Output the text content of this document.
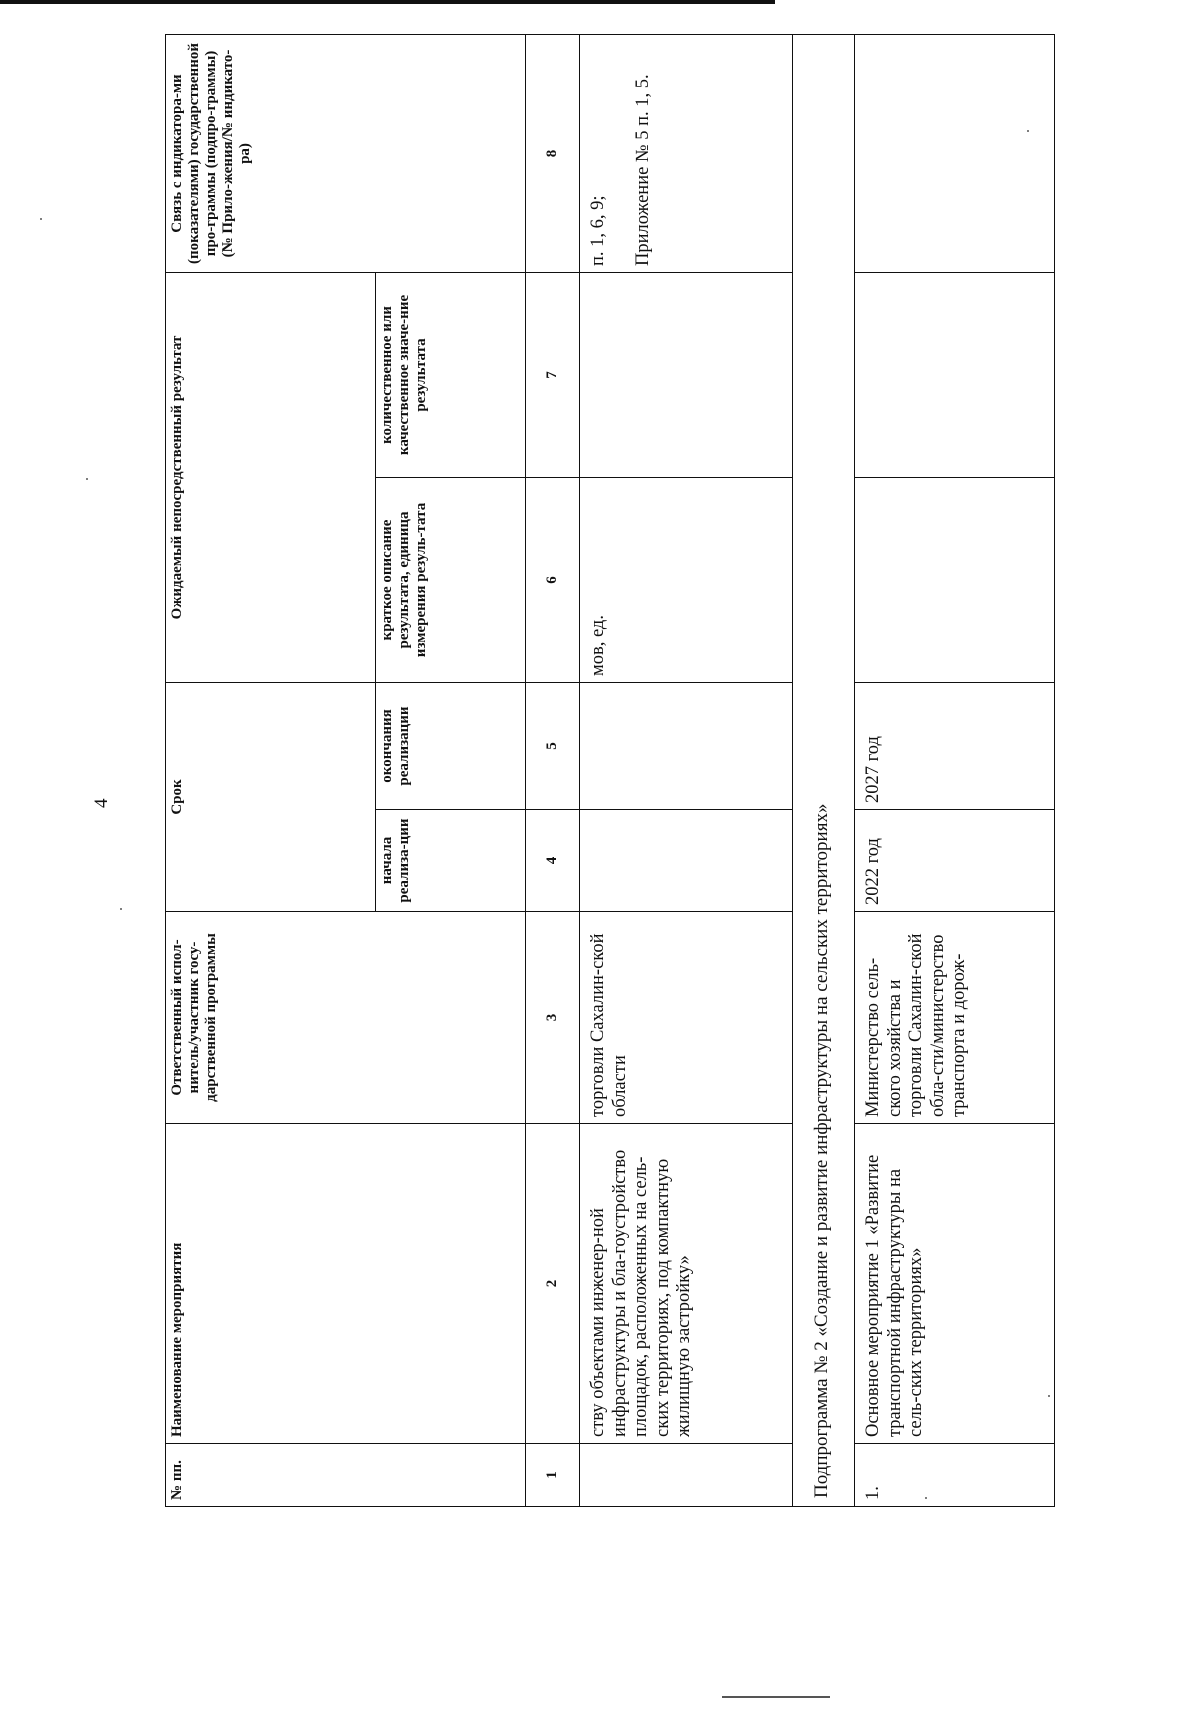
4
№ пп.	Наименование мероприятия	Ответственный испол-нитель/участник госу-дарственной программы	Срок		Ожидаемый непосредственный результат		Связь с индикатора-ми (показателями) государственной про-граммы (подпро-граммы) (№ Прило-жения/№ индикато-ра)
			начала реализа-ции	окончания реализации	краткое описание результата, единица измерения резуль-тата	количественное или качественное значе-ние результата	
1	2	3	4	5	6	7	8
	ству объектами инженер-ной инфраструктуры и бла-гоустройство площадок, расположенных на сель-ских территориях, под компактную жилищную застройку»	торговли Сахалин-ской области			мов, ед.		п. 1, 6, 9; Приложение № 5 п. 1, 5.

Подпрограмма № 2 «Создание и развитие инфраструктуры на сельских территориях»							
1.	Основное мероприятие 1 «Развитие транспортной инфраструктуры на сель-ских территориях»	Министерство сель-ского хозяйства и торговли Сахалин-ской обла-сти/министерство транспорта и дорож-	2022 год	2027 год			
